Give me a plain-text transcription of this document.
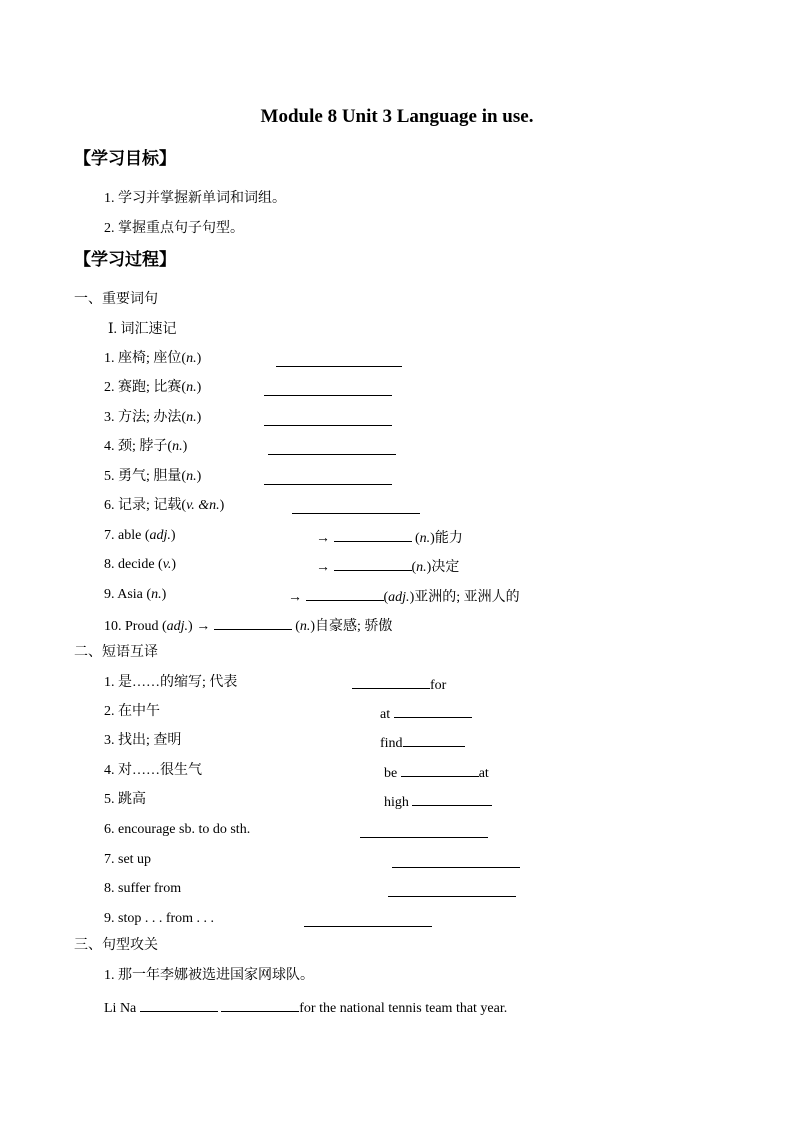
Module 8 Unit 3 Language in use.
【学习目标】
1. 学习并掌握新单词和词组。
2. 掌握重点句子句型。
【学习过程】
一、重要词句
Ⅰ. 词汇速记
1. 座椅; 座位(n.)
2. 赛跑; 比赛(n.)
3. 方法; 办法(n.)
4. 颈; 脖子(n.)
5. 勇气; 胆量(n.)
6. 记录; 记载(v. &n.)
7. able (adj.)	→	(n.)能力
8. decide (v.)	→	(n.)决定
9. Asia (n.)	→	(adj.)亚洲的; 亚洲人的
10. Proud (adj.) →	(n.)自豪感; 骄傲
二、短语互译
1. 是……的缩写; 代表	for
2. 在中午	at
3. 找出; 查明	find
4. 对……很生气	be	at
5. 跳高	high
6. encourage sb. to do sth.
7. set up
8. suffer from
9. stop . . . from . . .
三、句型攻关
1. 那一年李娜被选进国家网球队。
Li Na	for the national tennis team that year.
